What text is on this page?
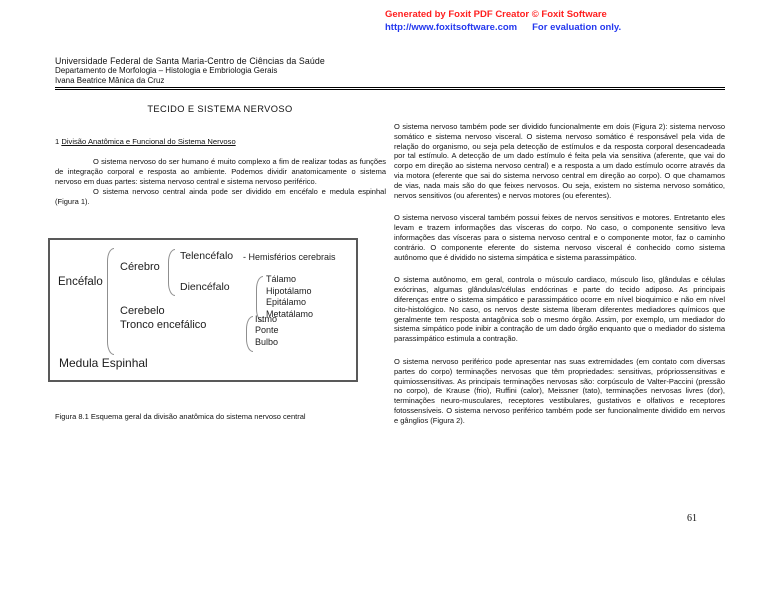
Generated by Foxit PDF Creator © Foxit Software
http://www.foxitsoftware.com For evaluation only.
Universidade Federal de Santa Maria-Centro de Ciências da Saúde
Departamento de Morfologia – Histologia e Embriologia Gerais
Ivana Beatrice Mânica da Cruz
TECIDO E SISTEMA NERVOSO
1 Divisão Anatômica e Funcional do Sistema Nervoso

O sistema nervoso do ser humano é muito complexo a fim de realizar todas as funções de integração corporal e resposta ao ambiente. Podemos dividir anatomicamente o sistema nervoso em duas partes: sistema nervoso central e sistema nervoso periférico.

O sistema nervoso central ainda pode ser dividido em encéfalo e medula espinhal (Figura 1).

Encéfalo
Cérebro
Telencéfalo - Hemisférios cerebrais
Diencéfalo
Tálamo
Hipotálamo
Epitálamo
Metatálamo
Cerebelo
Tronco encefálico	Istmo
Ponte
Bulbo
Medula Espinhal
Figura 8.1 Esquema geral da divisão anatômica do sistema nervoso central

O sistema nervoso também pode ser dividido funcionalmente em dois (Figura 2): sistema nervoso somático e sistema nervoso visceral. O sistema nervoso somático é responsável pela vida de relação do organismo, ou seja pela detecção de estímulos e da resposta corporal desencadeada por tal estímulo. A detecção de um dado estímulo é feita pela via sensitiva (aferente, que vai do corpo em direção ao sistema nervoso central) e a resposta a um dado estímulo ocorre através da via motora (eferente que sai do sistema nervoso central em direção ao corpo). O que chamamos de vias, nada mais são do que feixes nervosos. Ou seja, existem no sistema nervoso somático, nervos sensitivos (ou aferentes) e nervos motores (ou eferentes).

O sistema nervoso visceral também possui feixes de nervos sensitivos e motores. Entretanto eles levam e trazem informações das vísceras do corpo. No caso, o componente sensitivo leva informações das vísceras para o sistema nervoso central e o componente motor, faz o caminho contrário. O componente eferente do sistema nervoso visceral é conhecido como sistema autônomo que é dividido no sistema simpática e sistema parassimpático.

O sistema autônomo, em geral, controla o músculo cardiaco, músculo liso, glândulas e células exócrinas, algumas glândulas/células endócrinas e parte do tecido adiposo. As principais diferenças entre o sistema simpático e parassimpático ocorre em nível bioquimico e não em nível cito-histológico. No caso, os nervos deste sistema liberam diferentes mediadores químicos que geralmente tem resposta antagônica sob o mesmo órgão. Assim, por exemplo, um mediador do sistema simpático pode inibir a contração de um dado órgão enquanto que o mediador do sistema parassimpático estimula a contração.

O sistema nervoso periférico pode apresentar nas suas extremidades (em contato com diversas partes do corpo) terminações nervosas que têm propriedades: sensitivas, própriossensitivas e quimiossensitivas. As principais terminações nervosas são: corpúsculo de Valter-Paccini (pressão no corpo), de Krause (frio), Ruffini (calor), Meissner (tato), terminações nervosas livres (dor), terminações neuro-musculares, receptores vestibulares, gustativos e olfativos e receptores fotossensíveis. O sistema nervoso periférico também pode ser funcionalmente dividido em nervos e gânglios (Figura 2).

61
